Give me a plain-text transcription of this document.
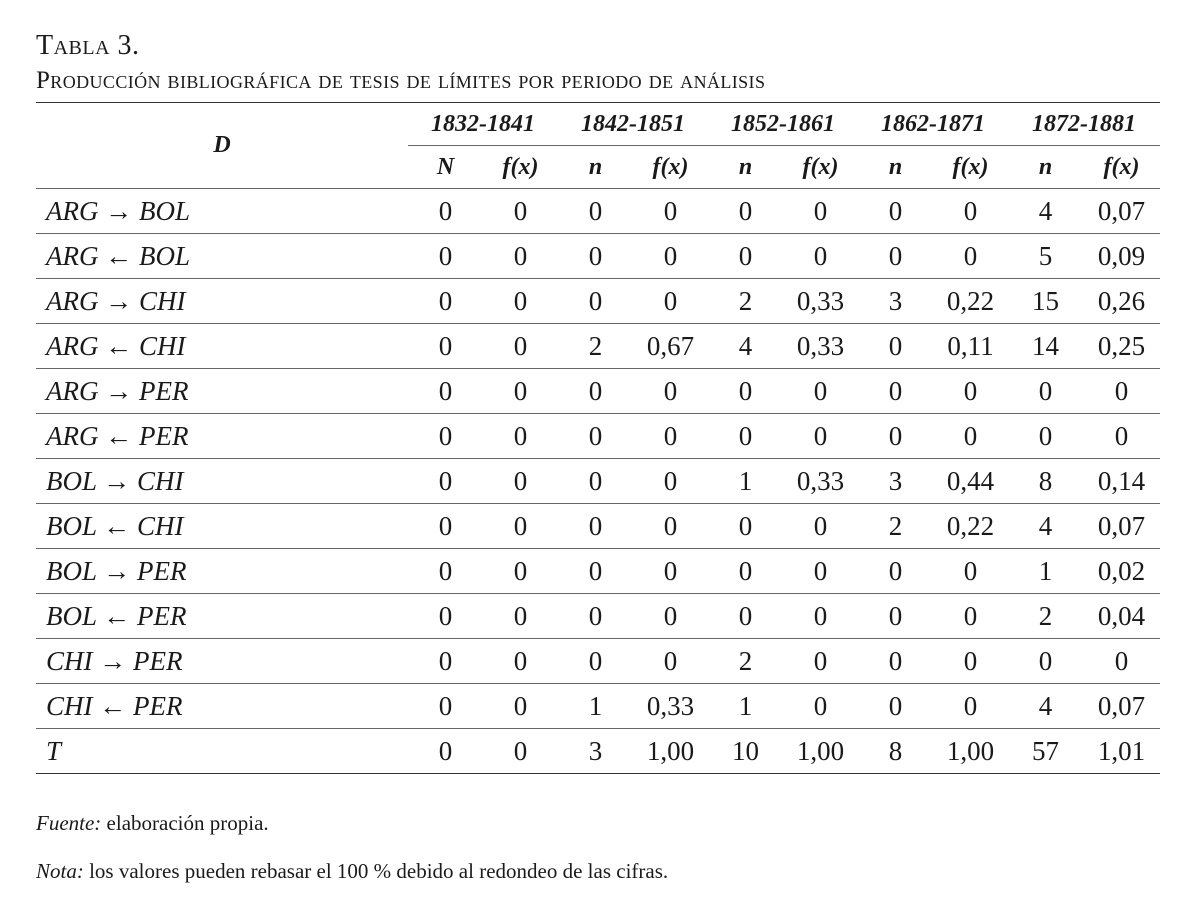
Tabla 3.

Producción bibliográfica de tesis de límites por periodo de análisis

D	1832-1841		1842-1851		1852-1861		1862-1871		1872-1881	
	N	f(x)	n	f(x)	n	f(x)	n	f(x)	n	f(x)
ARG → BOL	0	0	0	0	0	0	0	0	4	0,07
ARG ← BOL	0	0	0	0	0	0	0	0	5	0,09
ARG → CHI	0	0	0	0	2	0,33	3	0,22	15	0,26
ARG ← CHI	0	0	2	0,67	4	0,33	0	0,11	14	0,25
ARG → PER	0	0	0	0	0	0	0	0	0	0
ARG ← PER	0	0	0	0	0	0	0	0	0	0
BOL → CHI	0	0	0	0	1	0,33	3	0,44	8	0,14
BOL ← CHI	0	0	0	0	0	0	2	0,22	4	0,07
BOL → PER	0	0	0	0	0	0	0	0	1	0,02
BOL ← PER	0	0	0	0	0	0	0	0	2	0,04
CHI → PER	0	0	0	0	2	0	0	0	0	0
CHI ← PER	0	0	1	0,33	1	0	0	0	4	0,07
T	0	0	3	1,00	10	1,00	8	1,00	57	1,01

Fuente: elaboración propia.

Nota: los valores pueden rebasar el 100 % debido al redondeo de las cifras.
